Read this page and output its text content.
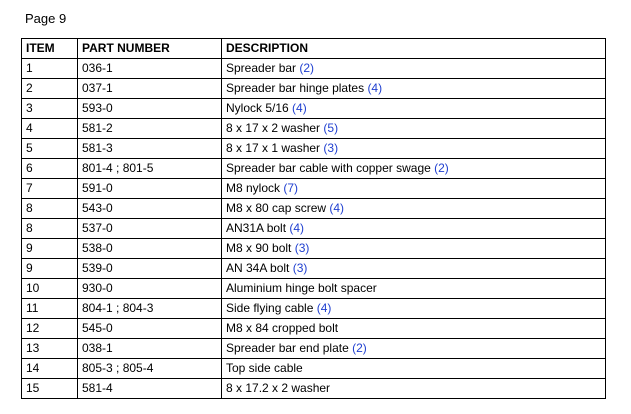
Page 9
ITEM	PART NUMBER	DESCRIPTION
1	036-1	Spreader bar (2)
2	037-1	Spreader bar hinge plates (4)
3	593-0	Nylock 5/16 (4)
4	581-2	8 x 17 x 2 washer (5)
5	581-3	8 x 17 x 1 washer (3)
6	801-4 ; 801-5	Spreader bar cable with copper swage (2)
7	591-0	M8 nylock (7)
8	543-0	M8 x 80 cap screw (4)
8	537-0	AN31A bolt (4)
9	538-0	M8 x 90 bolt (3)
9	539-0	AN 34A bolt (3)
10	930-0	Aluminium hinge bolt spacer
11	804-1 ; 804-3	Side flying cable (4)
12	545-0	M8 x 84 cropped bolt
13	038-1	Spreader bar end plate (2)
14	805-3 ; 805-4	Top side cable
15	581-4	8 x 17.2 x 2 washer
